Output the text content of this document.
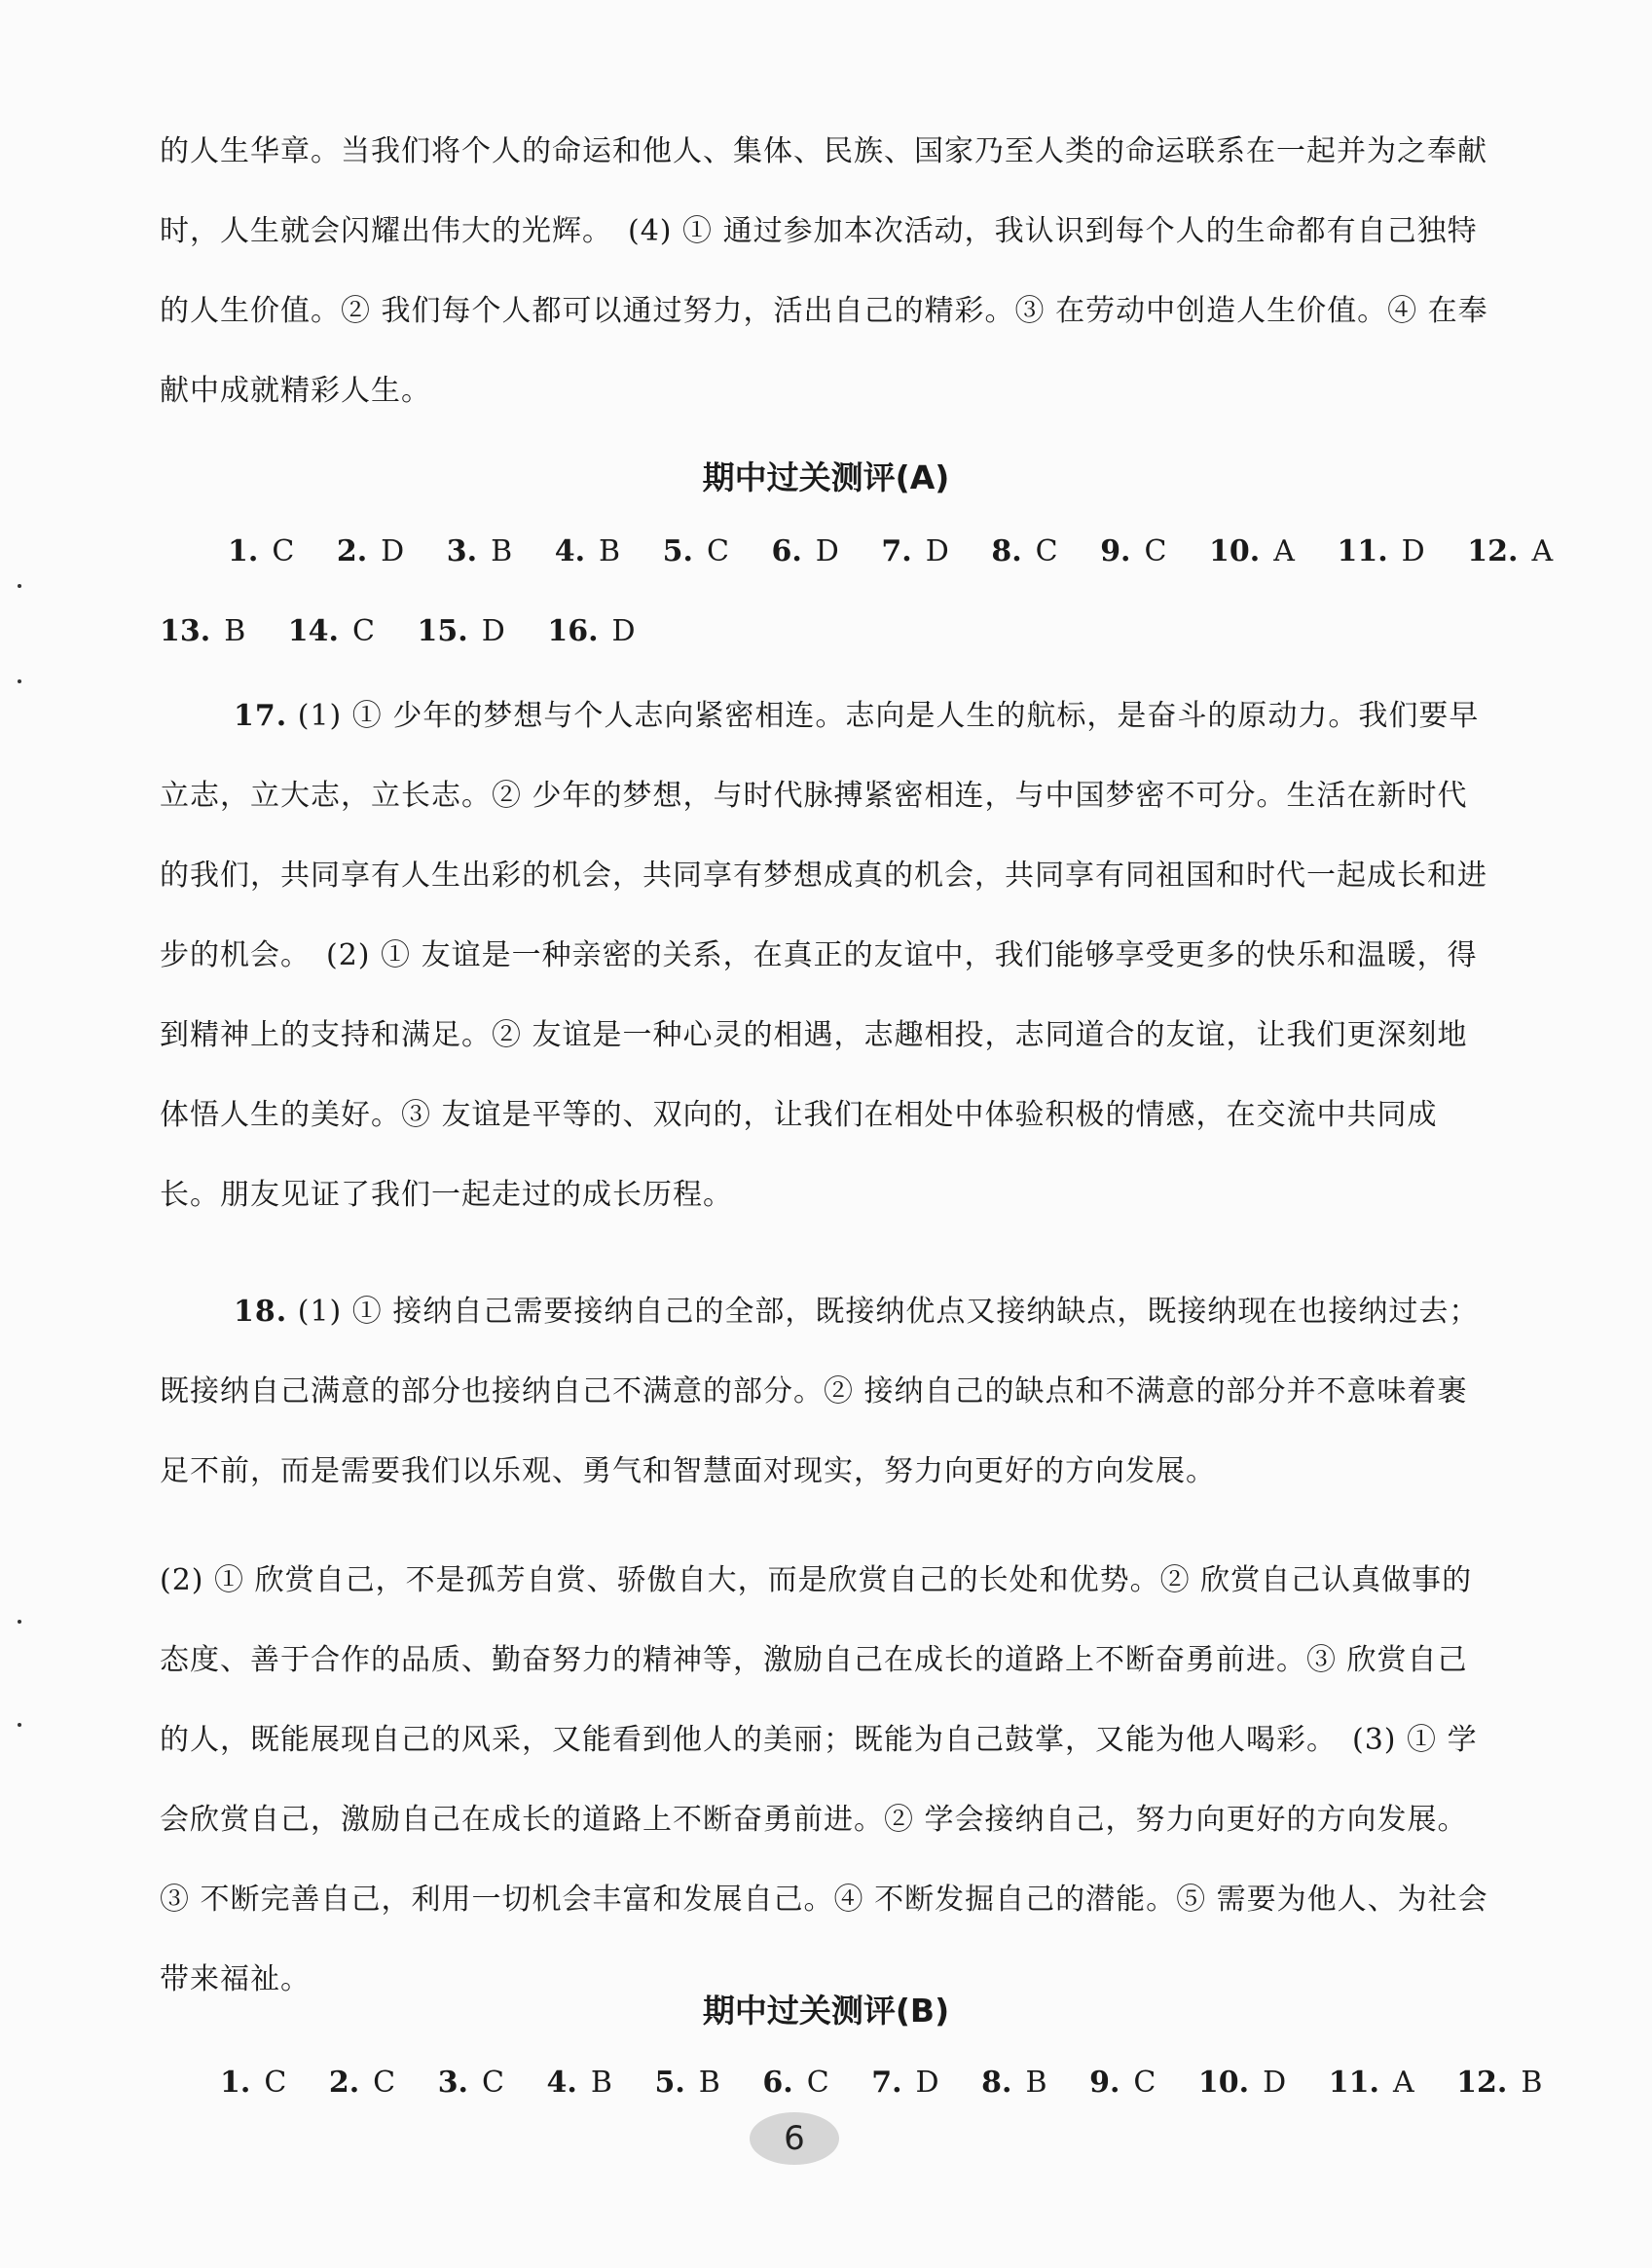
的人生华章。当我们将个人的命运和他人、集体、民族、国家乃至人类的命运联系在一起并为之奉献时，人生就会闪耀出伟大的光辉。　(4) ① 通过参加本次活动，我认识到每个人的生命都有自己独特的人生价值。② 我们每个人都可以通过努力，活出自己的精彩。③ 在劳动中创造人生价值。④ 在奉献中成就精彩人生。

期中过关测评(A)
1. C 2. D 3. B 4. B 5. C 6. D 7. D 8. C 9. C 10. A 11. D 12. A
13. B 14. C 15. D 16. D
17. (1) ① 少年的梦想与个人志向紧密相连。志向是人生的航标，是奋斗的原动力。我们要早立志，立大志，立长志。② 少年的梦想，与时代脉搏紧密相连，与中国梦密不可分。生活在新时代的我们，共同享有人生出彩的机会，共同享有梦想成真的机会，共同享有同祖国和时代一起成长和进步的机会。　(2) ① 友谊是一种亲密的关系，在真正的友谊中，我们能够享受更多的快乐和温暖，得到精神上的支持和满足。② 友谊是一种心灵的相遇，志趣相投，志同道合的友谊，让我们更深刻地体悟人生的美好。③ 友谊是平等的、双向的，让我们在相处中体验积极的情感，在交流中共同成长。朋友见证了我们一起走过的成长历程。

18. (1) ① 接纳自己需要接纳自己的全部，既接纳优点又接纳缺点，既接纳现在也接纳过去；既接纳自己满意的部分也接纳自己不满意的部分。② 接纳自己的缺点和不满意的部分并不意味着裹足不前，而是需要我们以乐观、勇气和智慧面对现实，努力向更好的方向发展。

(2) ① 欣赏自己，不是孤芳自赏、骄傲自大，而是欣赏自己的长处和优势。② 欣赏自己认真做事的态度、善于合作的品质、勤奋努力的精神等，激励自己在成长的道路上不断奋勇前进。③ 欣赏自己的人，既能展现自己的风采，又能看到他人的美丽；既能为自己鼓掌，又能为他人喝彩。　(3) ① 学会欣赏自己，激励自己在成长的道路上不断奋勇前进。② 学会接纳自己，努力向更好的方向发展。③ 不断完善自己，利用一切机会丰富和发展自己。④ 不断发掘自己的潜能。⑤ 需要为他人、为社会带来福祉。

期中过关测评(B)
1. C 2. C 3. C 4. B 5. B 6. C 7. D 8. B 9. C 10. D 11. A 12. B
6
